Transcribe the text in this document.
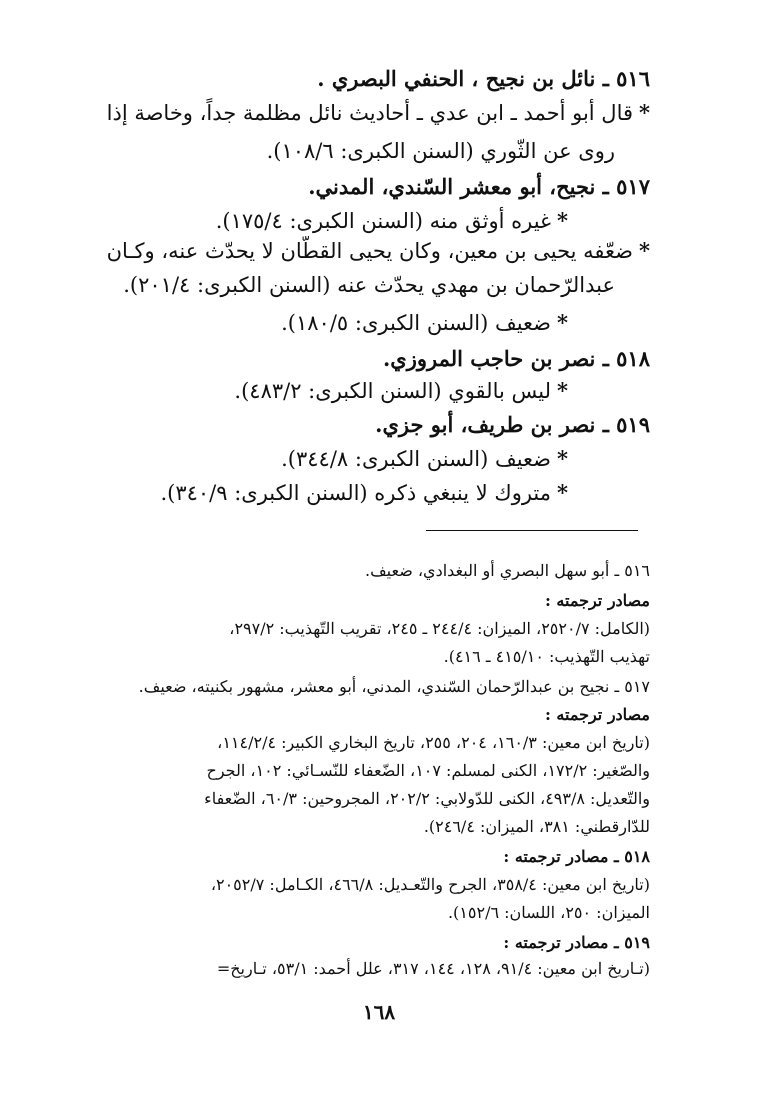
٥١٦ ـ نائل بن نجيح ، الحنفي البصري .
*قال أبو أحمد ـ ابن عدي ـ أحاديث نائل مظلمة جداً، وخاصة إذا
روى عن الثّوري (السنن الكبرى: ١٠٨/٦).
٥١٧ ـ نجيح، أبو معشر السّندي، المدني.
*غيره أوثق منه (السنن الكبرى: ١٧٥/٤).
*ضعّفه يحيى بن معين، وكان يحيى القطّان لا يحدّث عنه، وكـان
عبدالرّحمان بن مهدي يحدّث عنه (السنن الكبرى: ٢٠١/٤).
*ضعيف (السنن الكبرى: ١٨٠/٥).
٥١٨ ـ نصر بن حاجب المروزي.
*ليس بالقوي (السنن الكبرى: ٤٨٣/٢).
٥١٩ ـ نصر بن طريف، أبو جزي.
*ضعيف (السنن الكبرى: ٣٤٤/٨).
*متروك لا ينبغي ذكره (السنن الكبرى: ٣٤٠/٩).
٥١٦ ـ أبو سهل البصري أو البغدادي، ضعيف.
مصادر ترجمته :
(الكامل: ٢٥٢٠/٧، الميزان: ٢٤٤/٤ ـ ٢٤٥، تقريب التّهذيب: ٢٩٧/٢،
تهذيب التّهذيب: ٤١٥/١٠ ـ ٤١٦).
٥١٧ ـ نجيح بن عبدالرّحمان السّندي، المدني، أبو معشر، مشهور بكنيته، ضعيف.
مصادر ترجمته :
(تاريخ ابن معين: ١٦٠/٣، ٢٠٤، ٢٥٥، تاريخ البخاري الكبير: ١١٤/٢/٤،
والصّغير: ١٧٢/٢، الكنى لمسلم: ١٠٧، الضّعفاء للنّسـائي: ١٠٢، الجرح
والتّعديل: ٤٩٣/٨، الكنى للدّولابي: ٢٠٢/٢، المجروحين: ٦٠/٣، الضّعفاء
للدّارقطني: ٣٨١، الميزان: ٢٤٦/٤).
٥١٨ ـ مصادر ترجمته :
(تاريخ ابن معين: ٣٥٨/٤، الجرح والتّعـديل: ٤٦٦/٨، الكـامل: ٢٠٥٢/٧،
الميزان: ٢٥٠، اللسان: ١٥٢/٦).
٥١٩ ـ مصادر ترجمته :
(تـاريخ ابن معين: ٩١/٤، ١٢٨، ١٤٤، ٣١٧، علل أحمد: ٥٣/١، تـاريخ=
١٦٨
